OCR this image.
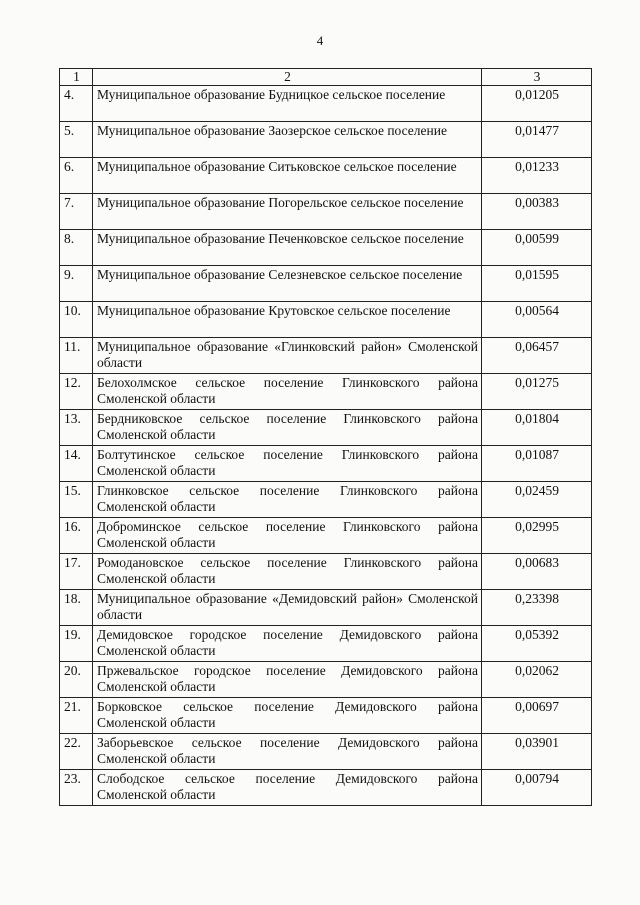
4
1	2	3
4.	Муниципальное образование Будницкое сельское поселение	0,01205
5.	Муниципальное образование Заозерское сельское поселение	0,01477
6.	Муниципальное образование Ситьковское сельское поселение	0,01233
7.	Муниципальное образование Погорельское сельское поселение	0,00383
8.	Муниципальное образование Печенковское сельское поселение	0,00599
9.	Муниципальное образование Селезневское сельское поселение	0,01595
10.	Муниципальное образование Крутовское сельское поселение	0,00564
11.	Муниципальное образование «Глинковский район» Смоленской области	0,06457
12.	Белохолмское сельское поселение Глинковского района Смоленской области	0,01275
13.	Бердниковское сельское поселение Глинковского района Смоленской области	0,01804
14.	Болтутинское сельское поселение Глинковского района Смоленской области	0,01087
15.	Глинковское сельское поселение Глинковского района Смоленской области	0,02459
16.	Доброминское сельское поселение Глинковского района Смоленской области	0,02995
17.	Ромодановское сельское поселение Глинковского района Смоленской области	0,00683
18.	Муниципальное образование «Демидовский район» Смоленской области	0,23398
19.	Демидовское городское поселение Демидовского района Смоленской области	0,05392
20.	Пржевальское городское поселение Демидовского района Смоленской области	0,02062
21.	Борковское сельское поселение Демидовского района Смоленской области	0,00697
22.	Заборьевское сельское поселение Демидовского района Смоленской области	0,03901
23.	Слободское сельское поселение Демидовского района Смоленской области	0,00794
